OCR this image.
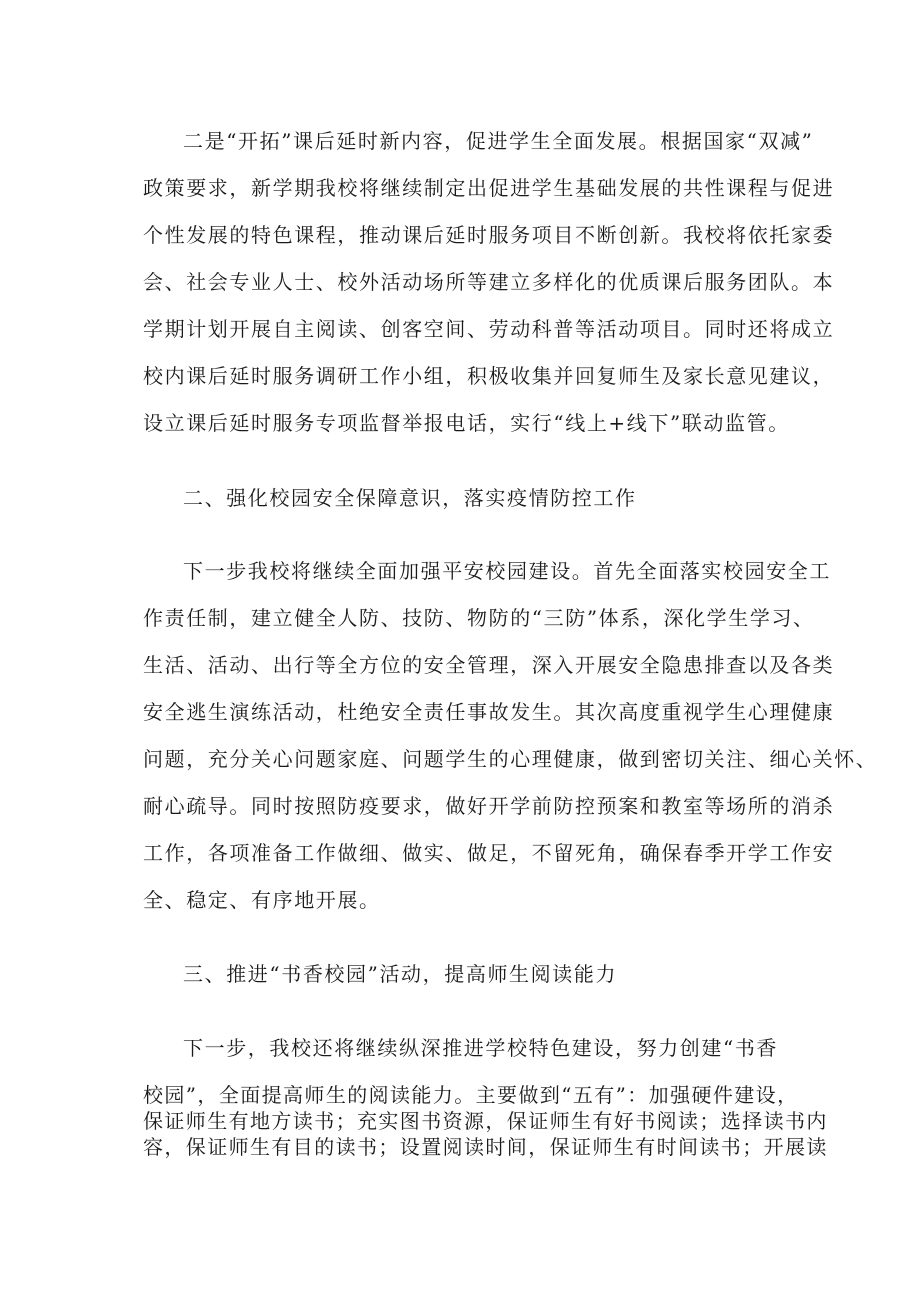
二是“开拓”课后延时新内容，促进学生全面发展。根据国家“双减”
政策要求，新学期我校将继续制定出促进学生基础发展的共性课程与促进
个性发展的特色课程，推动课后延时服务项目不断创新。我校将依托家委
会、社会专业人士、校外活动场所等建立多样化的优质课后服务团队。本
学期计划开展自主阅读、创客空间、劳动科普等活动项目。同时还将成立
校内课后延时服务调研工作小组，积极收集并回复师生及家长意见建议，
设立课后延时服务专项监督举报电话，实行“线上+线下”联动监管。
二、强化校园安全保障意识，落实疫情防控工作
下一步我校将继续全面加强平安校园建设。首先全面落实校园安全工
作责任制，建立健全人防、技防、物防的“三防”体系，深化学生学习、
生活、活动、出行等全方位的安全管理，深入开展安全隐患排查以及各类
安全逃生演练活动，杜绝安全责任事故发生。其次高度重视学生心理健康
问题，充分关心问题家庭、问题学生的心理健康，做到密切关注、细心关怀、
耐心疏导。同时按照防疫要求，做好开学前防控预案和教室等场所的消杀
工作，各项准备工作做细、做实、做足，不留死角，确保春季开学工作安
全、稳定、有序地开展。
三、推进“书香校园”活动，提高师生阅读能力
下一步，我校还将继续纵深推进学校特色建设，努力创建“书香
校园”，全面提高师生的阅读能力。主要做到“五有”：加强硬件建设，
保证师生有地方读书；充实图书资源，保证师生有好书阅读；选择读书内
容，保证师生有目的读书；设置阅读时间，保证师生有时间读书；开展读
